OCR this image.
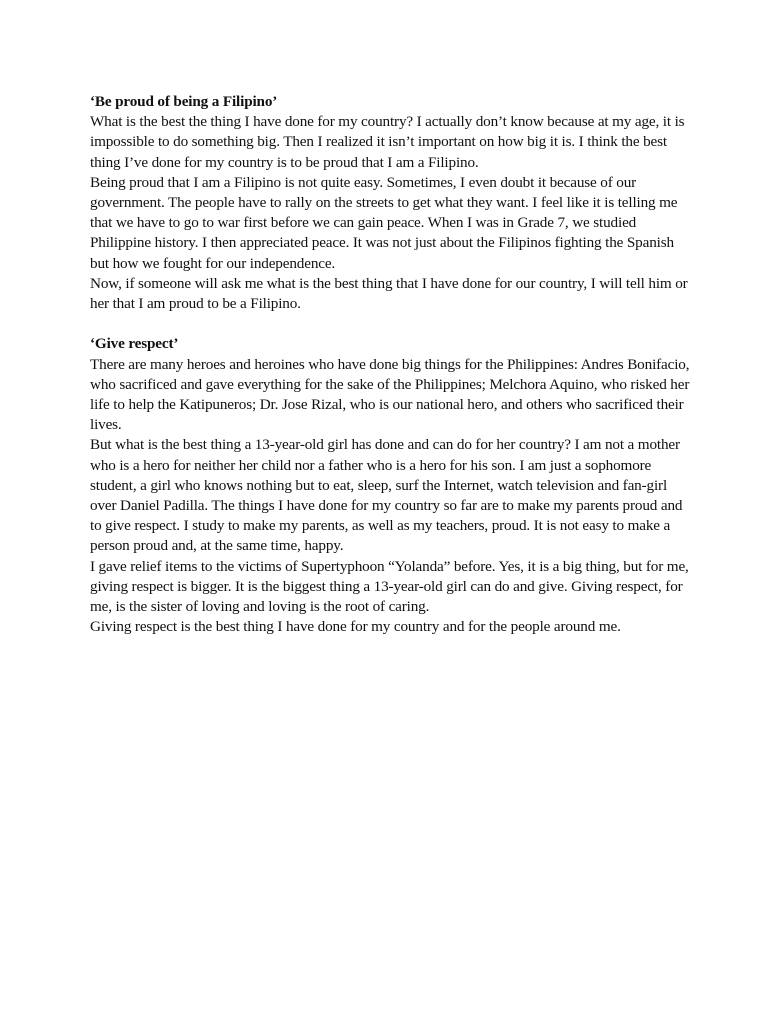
‘Be proud of being a Filipino’

What is the best the thing I have done for my country? I actually don’t know because at my age, it is impossible to do something big. Then I realized it isn’t important on how big it is. I think the best thing I’ve done for my country is to be proud that I am a Filipino.

Being proud that I am a Filipino is not quite easy. Sometimes, I even doubt it because of our government. The people have to rally on the streets to get what they want. I feel like it is telling me that we have to go to war first before we can gain peace. When I was in Grade 7, we studied Philippine history. I then appreciated peace. It was not just about the Filipinos fighting the Spanish but how we fought for our independence.

Now, if someone will ask me what is the best thing that I have done for our country, I will tell him or her that I am proud to be a Filipino.

‘Give respect’

There are many heroes and heroines who have done big things for the Philippines: Andres Bonifacio, who sacrificed and gave everything for the sake of the Philippines; Melchora Aquino, who risked her life to help the Katipuneros; Dr. Jose Rizal, who is our national hero, and others who sacrificed their lives.

But what is the best thing a 13-year-old girl has done and can do for her country? I am not a mother who is a hero for neither her child nor a father who is a hero for his son. I am just a sophomore student, a girl who knows nothing but to eat, sleep, surf the Internet, watch television and fan-girl over Daniel Padilla. The things I have done for my country so far are to make my parents proud and to give respect. I study to make my parents, as well as my teachers, proud. It is not easy to make a person proud and, at the same time, happy.

I gave relief items to the victims of Supertyphoon “Yolanda” before. Yes, it is a big thing, but for me, giving respect is bigger. It is the biggest thing a 13-year-old girl can do and give. Giving respect, for me, is the sister of loving and loving is the root of caring.

Giving respect is the best thing I have done for my country and for the people around me.
